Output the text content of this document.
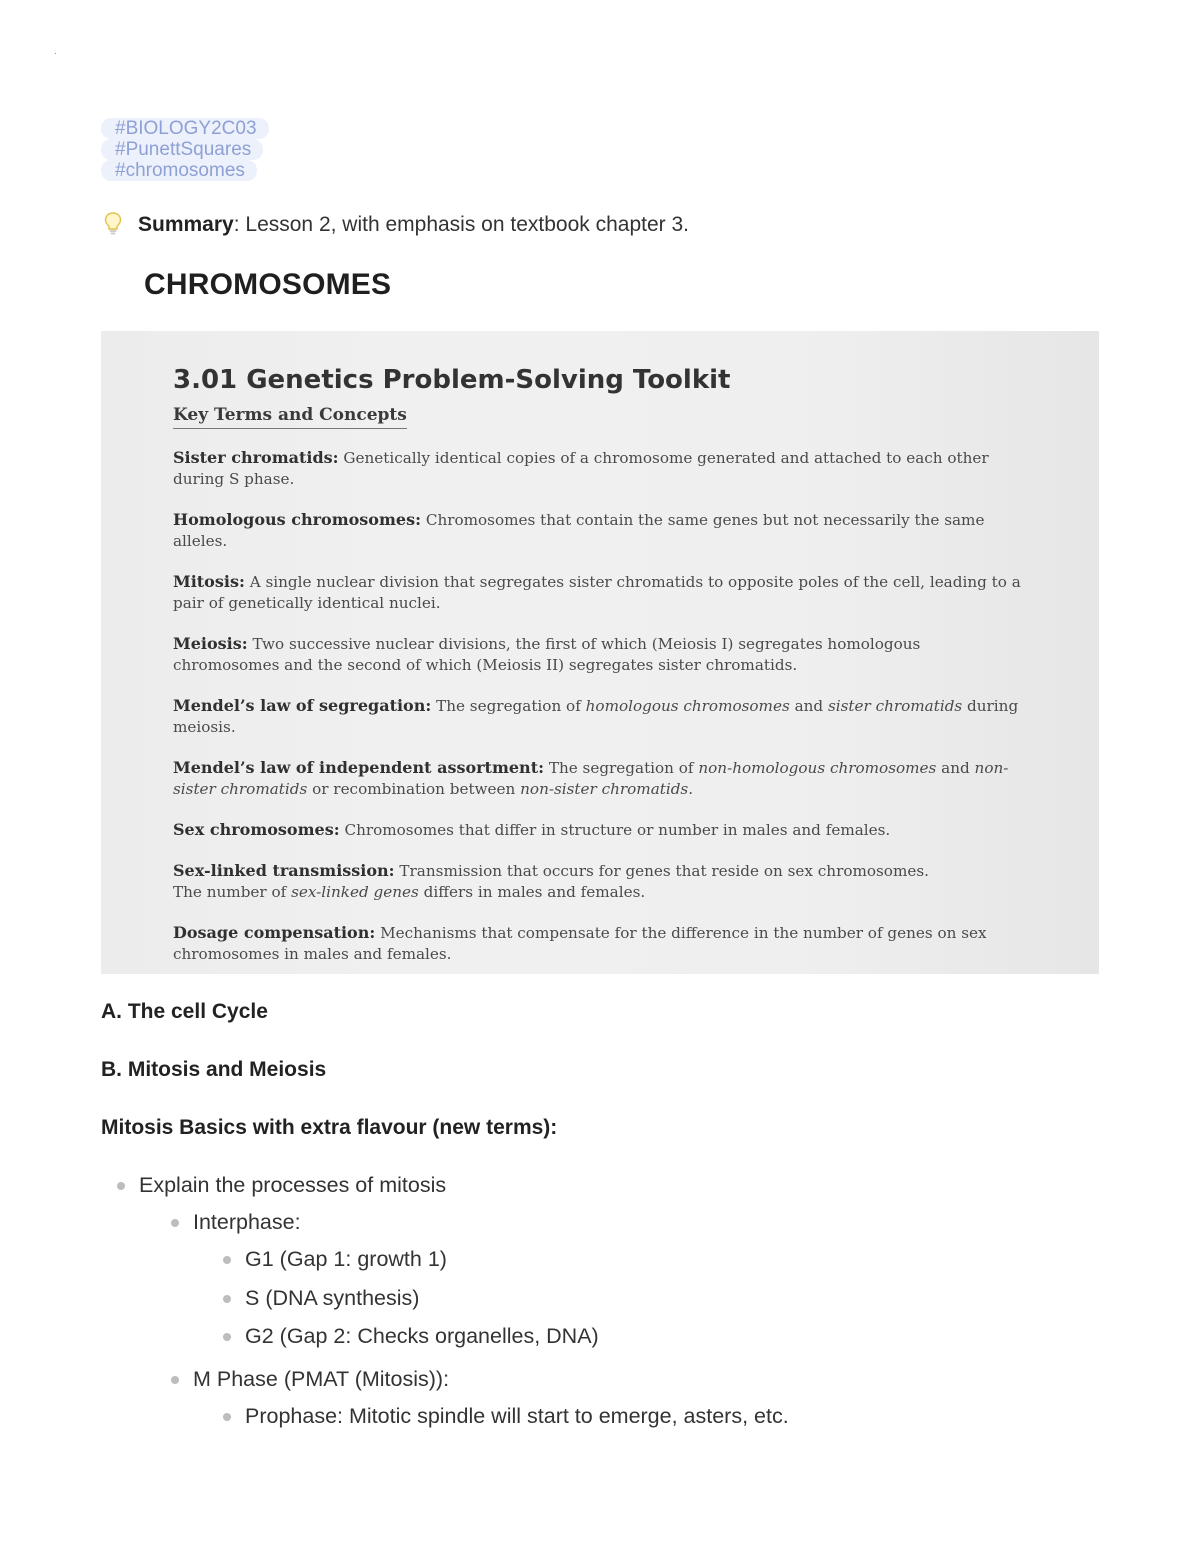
.
#BIOLOGY2C03
#PunettSquares
#chromosomes
Summary : Lesson 2, with emphasis on textbook chapter 3.
CHROMOSOMES
3.01 Genetics Problem-Solving Toolkit
Key Terms and Concepts
Sister chromatids: Genetically identical copies of a chromosome generated and attached to each other during S phase.
Homologous chromosomes: Chromosomes that contain the same genes but not necessarily the same alleles.
Mitosis: A single nuclear division that segregates sister chromatids to opposite poles of the cell, leading to a pair of genetically identical nuclei.
Meiosis: Two successive nuclear divisions, the first of which (Meiosis I) segregates homologous chromosomes and the second of which (Meiosis II) segregates sister chromatids.
Mendel’s law of segregation: The segregation of homologous chromosomes and sister chromatids during meiosis.
Mendel’s law of independent assortment: The segregation of non-homologous chromosomes and non-sister chromatids or recombination between non-sister chromatids.
Sex chromosomes: Chromosomes that differ in structure or number in males and females.
Sex-linked transmission: Transmission that occurs for genes that reside on sex chromosomes.
The number of sex-linked genes differs in males and females.
Dosage compensation: Mechanisms that compensate for the difference in the number of genes on sex chromosomes in males and females.
A. The cell Cycle
B. Mitosis and Meiosis
Mitosis Basics with extra flavour (new terms):
Explain the processes of mitosis
Interphase:
G1 (Gap 1: growth 1)
S (DNA synthesis)
G2 (Gap 2: Checks organelles, DNA)
M Phase (PMAT (Mitosis)):
Prophase: Mitotic spindle will start to emerge, asters, etc.
